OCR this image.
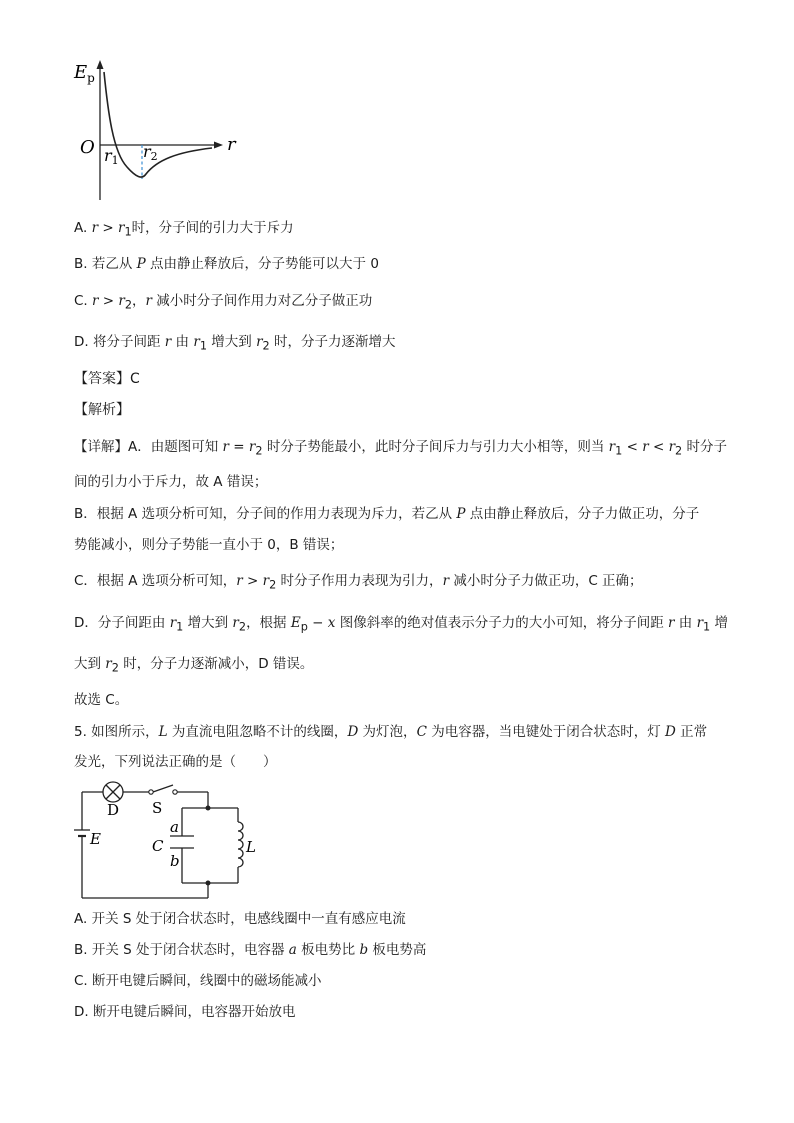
$E_p$
O	r
r1 r2
A. $r > r_1$时，分子间的引力大于斥力
B. 若乙从 P 点由静止释放后，分子势能可以大于 0
C. $r > r_2$，r 减小时分子间作用力对乙分子做正功
D. 将分子间距 r 由 $r_1$ 增大到 $r_2$ 时，分子力逐渐增大
【答案】C
【解析】
【详解】A．由题图可知 $r = r_2$ 时分子势能最小，此时分子间斥力与引力大小相等，则当 $r_1 < r < r_2$ 时分子
间的引力小于斥力，故 A 错误；
B．根据 A 选项分析可知，分子间的作用力表现为斥力，若乙从 P 点由静止释放后，分子力做正功，分子
势能减小，则分子势能一直小于 0，B 错误；
C．根据 A 选项分析可知，$r > r_2$ 时分子作用力表现为引力，r 减小时分子力做正功，C 正确；
D．分子间距由 $r_1$ 增大到 $r_2$，根据 $E_p - x$ 图像斜率的绝对值表示分子力的大小可知，将分子间距 r 由 $r_1$ 增
大到 $r_2$ 时，分子力逐渐减小，D 错误。
故选 C。
5. 如图所示，L 为直流电阻忽略不计的线圈，D 为灯泡，C 为电容器，当电键处于闭合状态时，灯 D 正常
发光，下列说法正确的是（　　）
D S
E	C
a
b
L
A. 开关 S 处于闭合状态时，电感线圈中一直有感应电流
B. 开关 S 处于闭合状态时，电容器 a 板电势比 b 板电势高
C. 断开电键后瞬间，线圈中的磁场能减小
D. 断开电键后瞬间，电容器开始放电
